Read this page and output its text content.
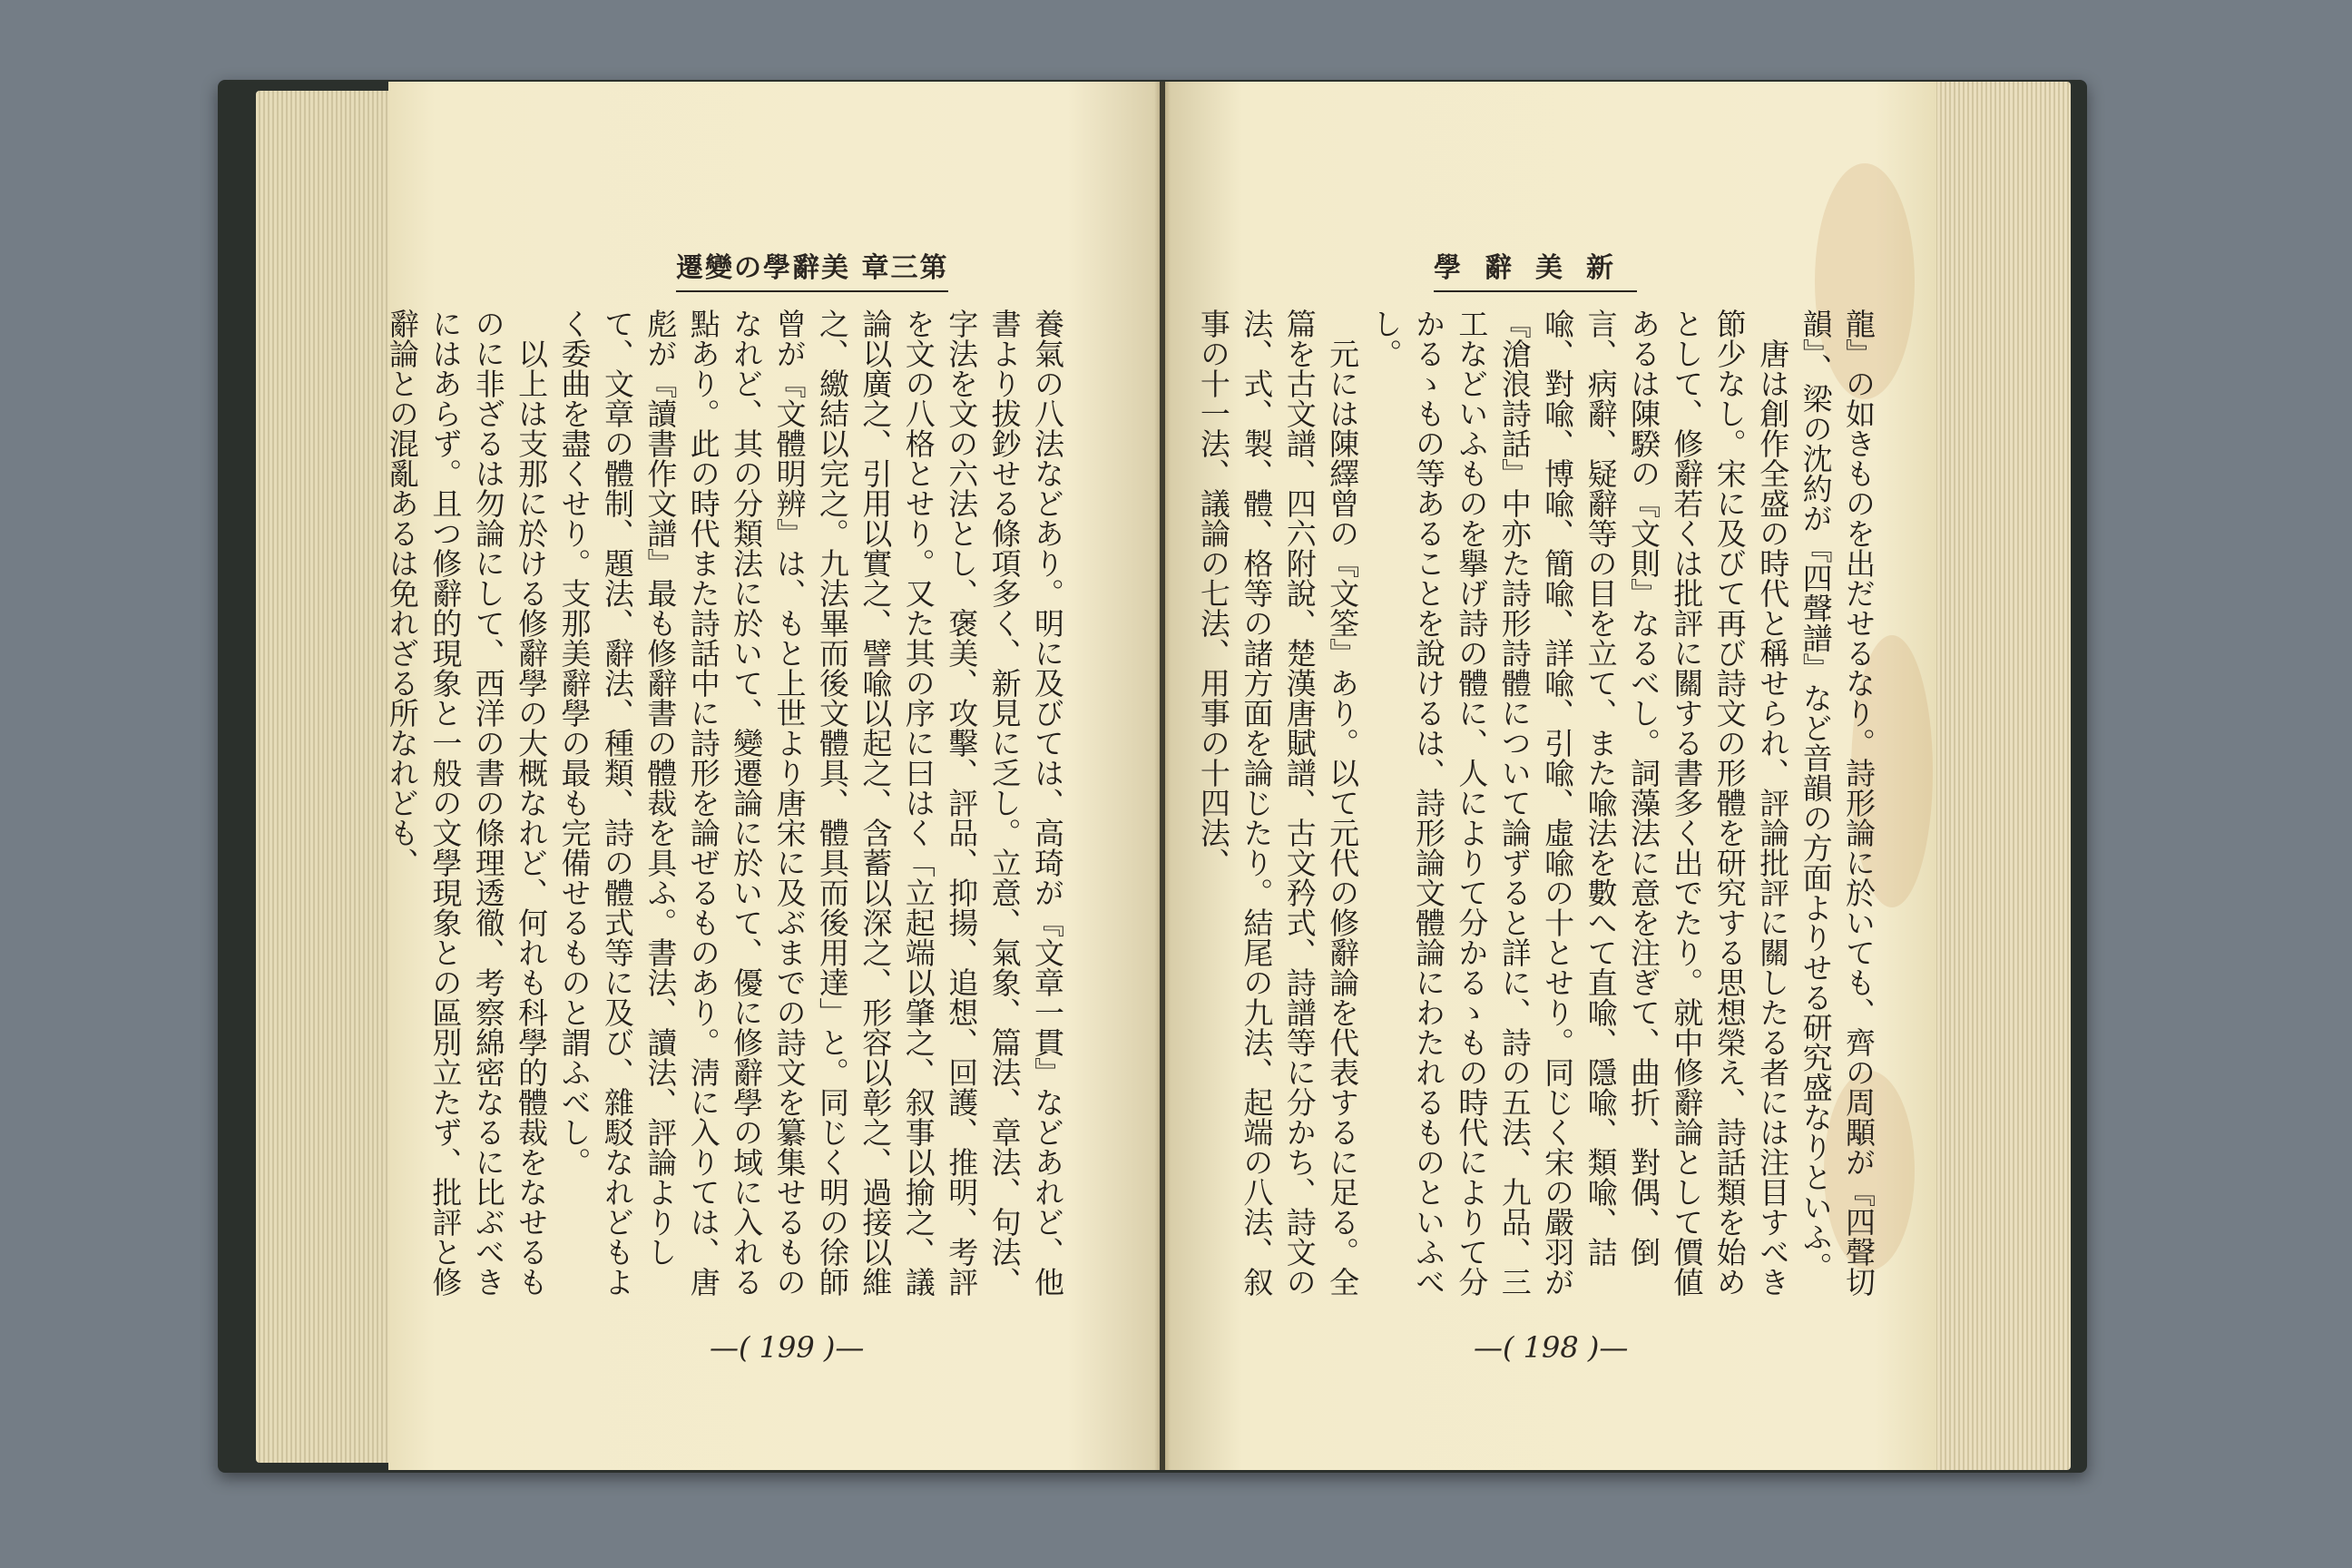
遷變の學辭美 章三第	學辭美新

養氣の八法などあり。明に及びては、高琦が『文章一貫』などあれど、他書より拔鈔せる條項多く、新見に乏し。立意、氣象、篇法、章法、句法、字法を文の六法とし、褒美、攻擊、評品、抑揚、追想、回護、推明、考評を文の八格とせり。又た其の序に曰はく「立起端以肇之、叙事以揄之、議論以廣之、引用以實之、譬喩以起之、含蓄以深之、形容以彰之、過接以維之、繳結以完之。九法畢而後文體具、體具而後用達」と。同じく明の徐師曾が『文體明辨』は、もと上世より唐宋に及ぶまでの詩文を纂集せるものなれど、其の分類法に於いて、變遷論に於いて、優に修辭學の域に入れる點あり。此の時代また詩話中に詩形を論ぜるものあり。淸に入りては、唐彪が『讀書作文譜』最も修辭書の體裁を具ふ。書法、讀法、評論よりして、文章の體制、題法、辭法、種類、詩の體式等に及び、雜駁なれどもよく委曲を盡くせり。支那美辭學の最も完備せるものと謂ふべし。

以上は支那に於ける修辭學の大概なれど、何れも科學的體裁をなせるものに非ざるは勿論にして、西洋の書の條理透徹、考察綿密なるに比ぶべきにはあらず。且つ修辭的現象と一般の文學現象との區別立たず、批評と修辭論との混亂あるは免れざる所なれども、	龍』の如きものを出だせるなり。詩形論に於いても、齊の周顒が『四聲切韻』、梁の沈約が『四聲譜』など音韻の方面よりせる研究盛なりといふ。

唐は創作全盛の時代と稱せられ、評論批評に關したる者には注目すべき節少なし。宋に及びて再び詩文の形體を研究する思想榮え、詩話類を始めとして、修辭若くは批評に關する書多く出でたり。就中修辭論として價値あるは陳騤の『文則』なるべし。詞藻法に意を注ぎて、曲折、對偶、倒言、病辭、疑辭等の目を立て、また喩法を數へて直喩、隱喩、類喩、詰喩、對喩、博喩、簡喩、詳喩、引喩、虛喩の十とせり。同じく宋の嚴羽が『滄浪詩話』中亦た詩形詩體について論ずると詳に、詩の五法、九品、三工などいふものを擧げ詩の體に、人によりて分かるゝもの時代によりて分かるゝもの等あることを說けるは、詩形論文體論にわたれるものといふべし。

元には陳繹曾の『文筌』あり。以て元代の修辭論を代表するに足る。全篇を古文譜、四六附說、楚漢唐賦譜、古文矜式、詩譜等に分かち、詩文の法、式、製、體、格等の諸方面を論じたり。結尾の九法、起端の八法、叙事の十一法、議論の七法、用事の十四法、

—( 199 )—	—( 198 )—
